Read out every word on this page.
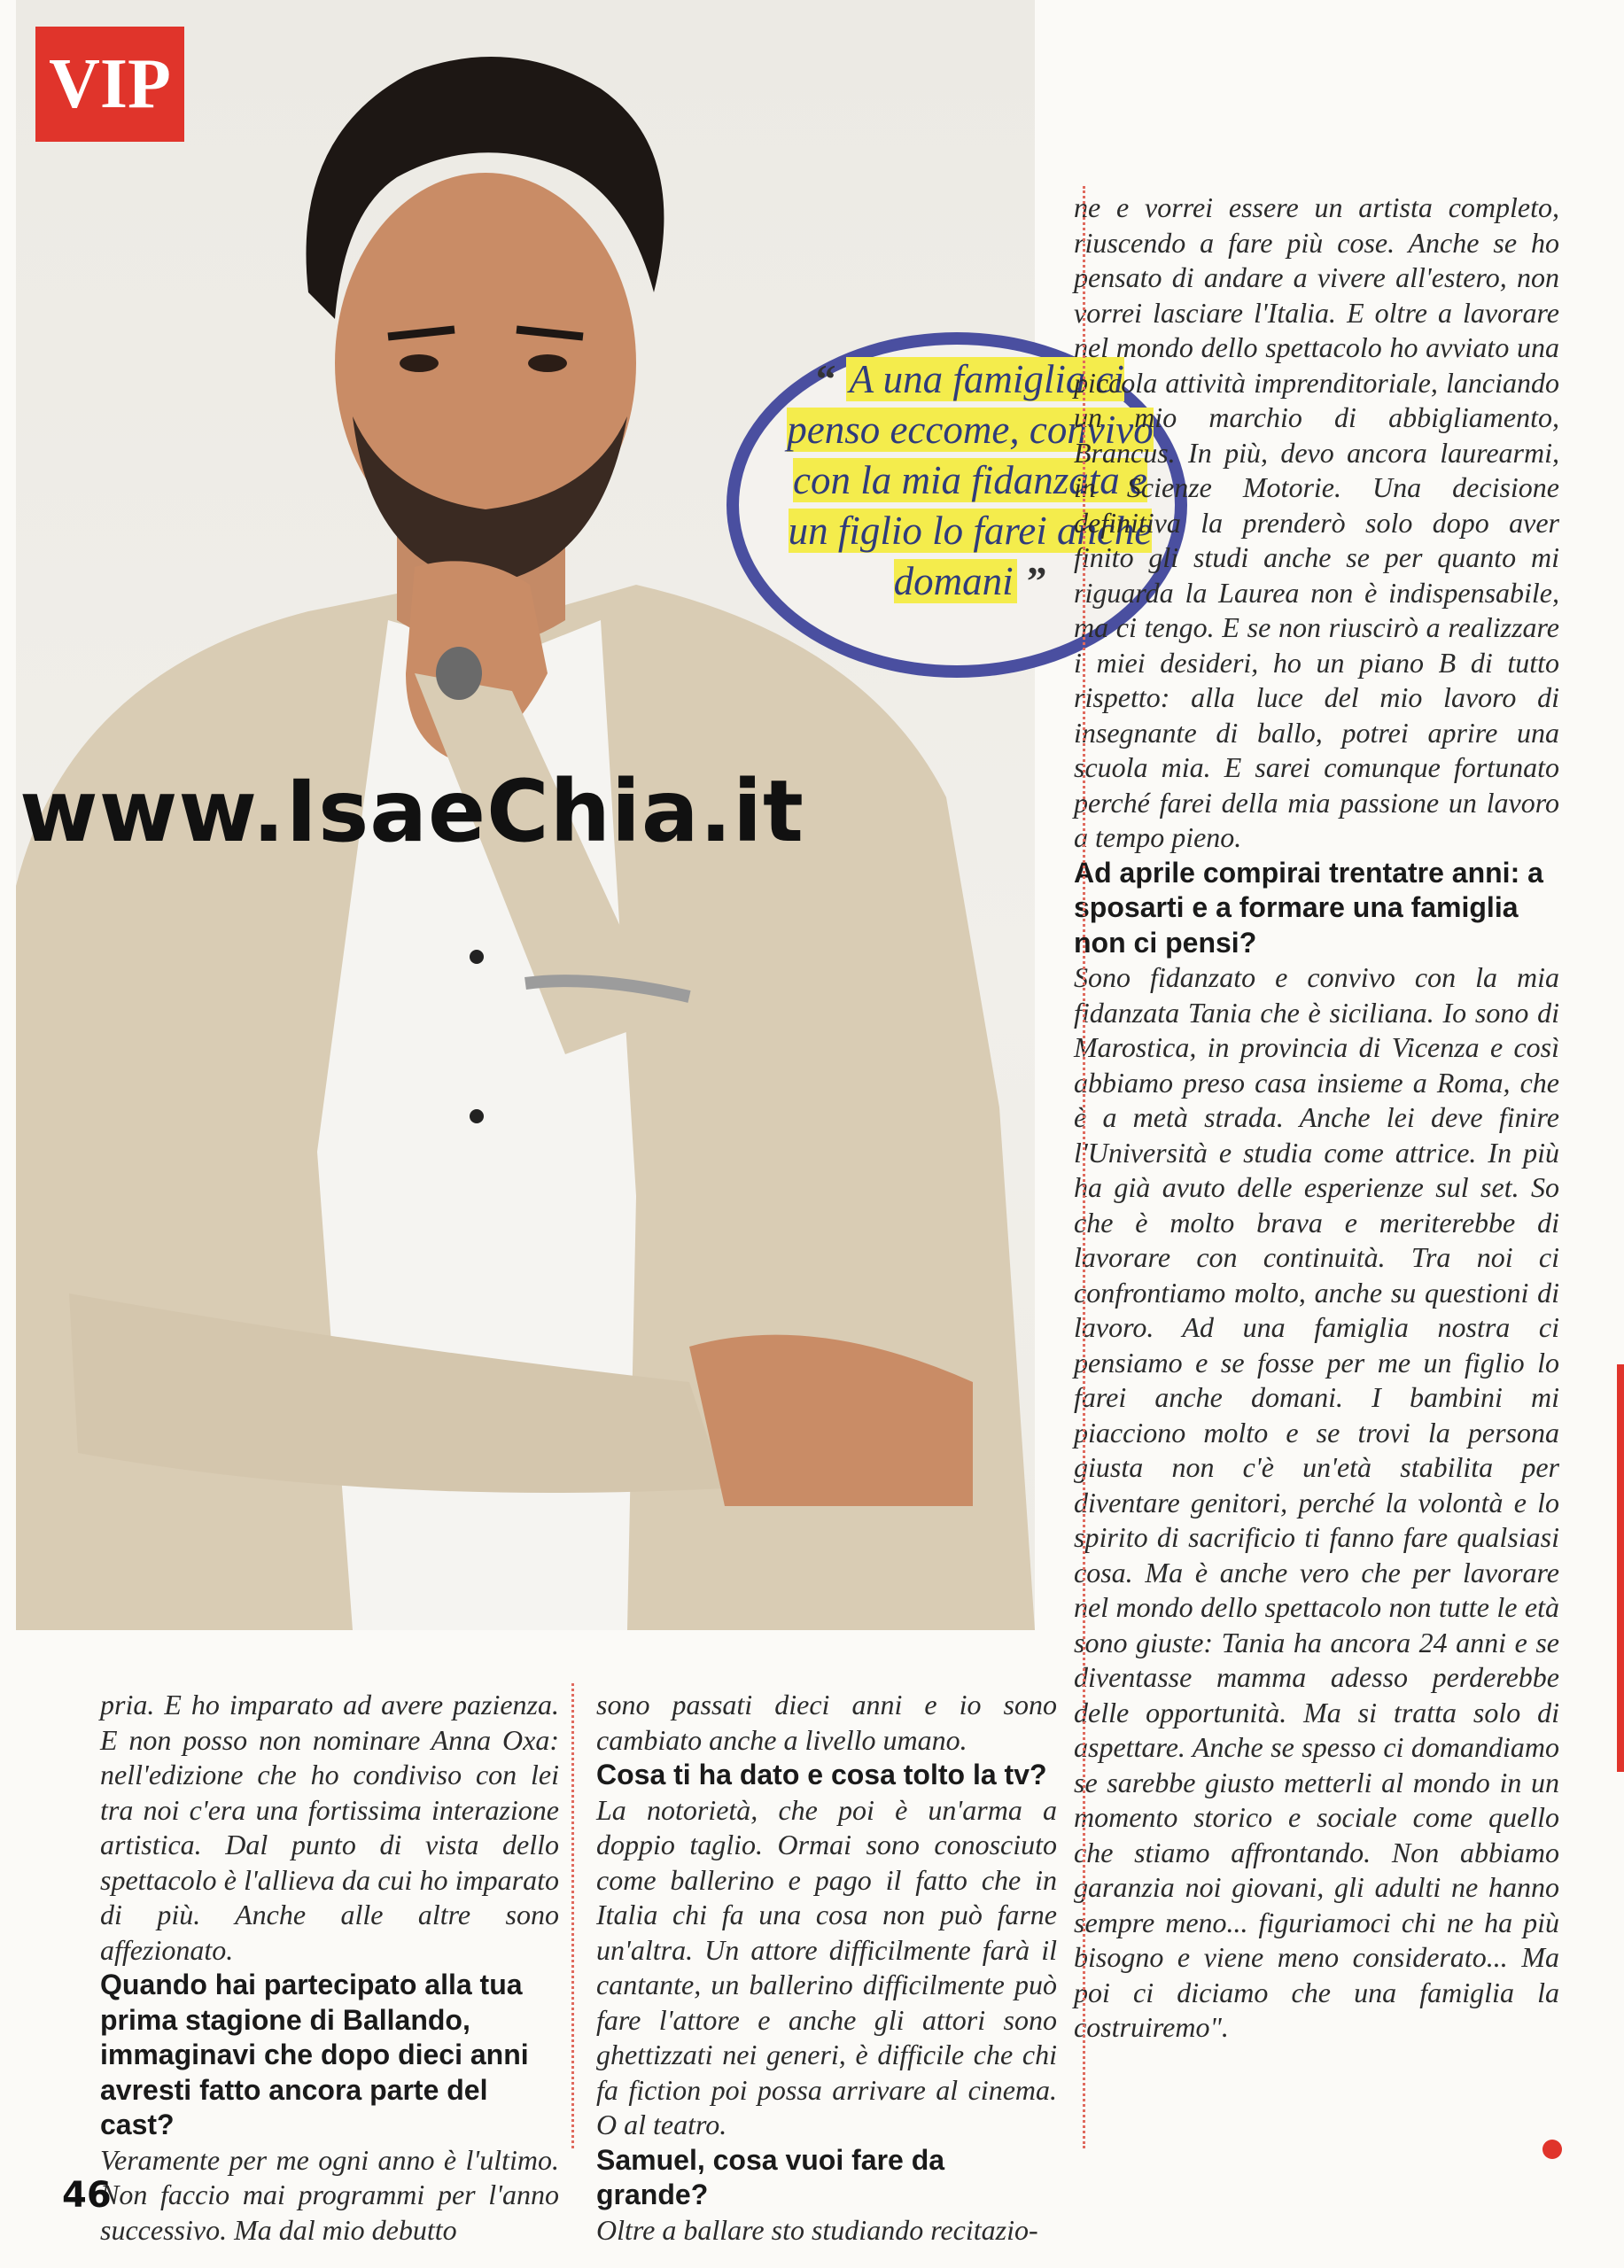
VIP
www.IsaeChia.it
“ A una famiglia ci penso eccome, convivo con la mia fidanzata e un figlio lo farei anche domani ”

ne e vorrei essere un artista completo, riuscendo a fare più cose. Anche se ho pensato di andare a vivere all'estero, non vorrei lasciare l'Italia. E oltre a lavorare nel mondo dello spettacolo ho avviato una piccola attività imprenditoriale, lanciando un mio marchio di abbigliamento, Brancus. In più, devo ancora laurearmi, in Scienze Motorie. Una decisione definitiva la prenderò solo dopo aver finito gli studi anche se per quanto mi riguarda la Laurea non è indispensabile, ma ci tengo. E se non riuscirò a realizzare i miei desideri, ho un piano B di tutto rispetto: alla luce del mio lavoro di insegnante di ballo, potrei aprire una scuola mia. E sarei comunque fortunato perché farei della mia passione un lavoro a tempo pieno.

Ad aprile compirai trentatre anni: a sposarti e a formare una famiglia non ci pensi?

Sono fidanzato e convivo con la mia fidanzata Tania che è siciliana. Io sono di Marostica, in provincia di Vicenza e così abbiamo preso casa insieme a Roma, che è a metà strada. Anche lei deve finire l'Università e studia come attrice. In più ha già avuto delle esperienze sul set. So che è molto brava e meriterebbe di lavorare con continuità. Tra noi ci confrontiamo molto, anche su questioni di lavoro. Ad una famiglia nostra ci pensiamo e se fosse per me un figlio lo farei anche domani. I bambini mi piacciono molto e se trovi la persona giusta non c'è un'età stabilita per diventare genitori, perché la volontà e lo spirito di sacrificio ti fanno fare qualsiasi cosa. Ma è anche vero che per lavorare nel mondo dello spettacolo non tutte le età sono giuste: Tania ha ancora 24 anni e se diventasse mamma adesso perderebbe delle opportunità. Ma si tratta solo di aspettare. Anche se spesso ci domandiamo se sarebbe giusto metterli al mondo in un momento storico e sociale come quello che stiamo affrontando. Non abbiamo garanzia noi giovani, gli adulti ne hanno sempre meno... figuriamoci chi ne ha più bisogno e viene meno considerato... Ma poi ci diciamo che una famiglia la costruiremo".

pria. E ho imparato ad avere pazienza. E non posso non nominare Anna Oxa: nell'edizione che ho condiviso con lei tra noi c'era una fortissima interazione artistica. Dal punto di vista dello spettacolo è l'allieva da cui ho imparato di più. Anche alle altre sono affezionato.

Quando hai partecipato alla tua prima stagione di Ballando, immaginavi che dopo dieci anni avresti fatto ancora parte del cast?

Veramente per me ogni anno è l'ultimo. Non faccio mai programmi per l'anno successivo. Ma dal mio debutto

sono passati dieci anni e io sono cambiato anche a livello umano.

Cosa ti ha dato e cosa tolto la tv?

La notorietà, che poi è un'arma a doppio taglio. Ormai sono conosciuto come ballerino e pago il fatto che in Italia chi fa una cosa non può farne un'altra. Un attore difficilmente farà il cantante, un ballerino difficilmente può fare l'attore e anche gli attori sono ghettizzati nei generi, è difficile che chi fa fiction poi possa arrivare al cinema. O al teatro.

Samuel, cosa vuoi fare da grande?

Oltre a ballare sto studiando recitazio-

46
